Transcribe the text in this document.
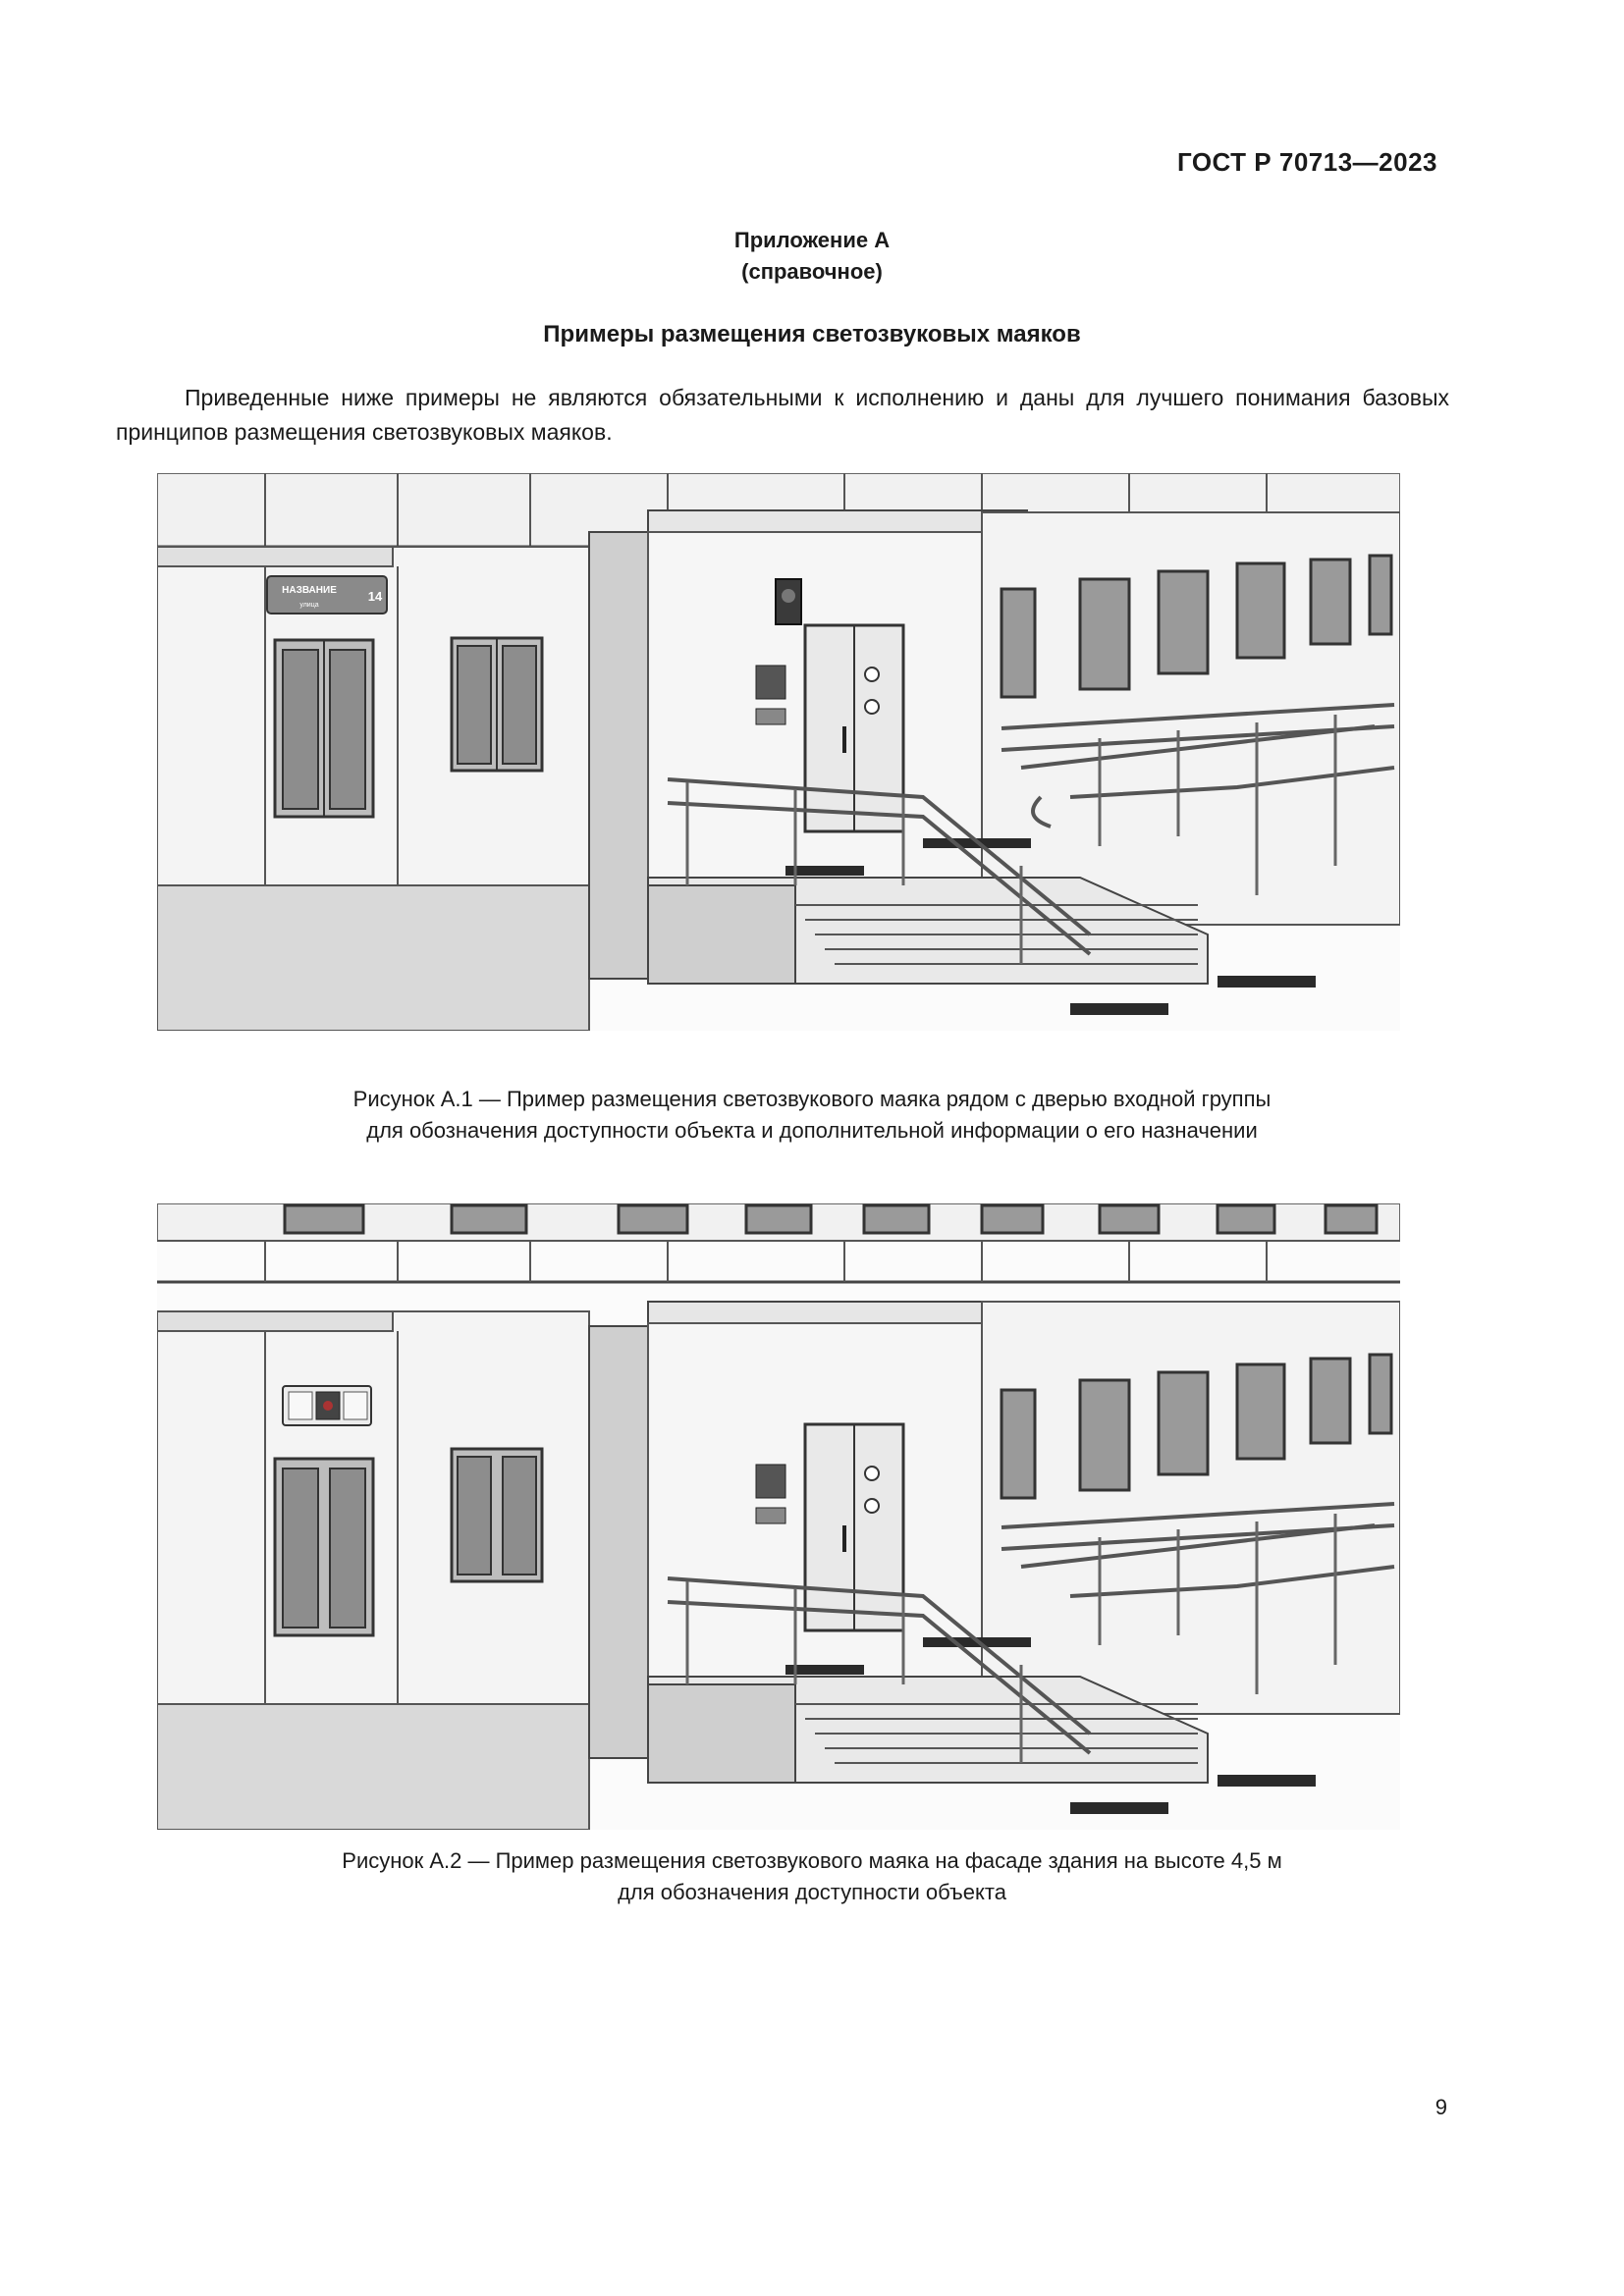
ГОСТ Р 70713—2023
Приложение А
(справочное)
Примеры размещения светозвуковых маяков
Приведенные ниже примеры не являются обязательными к исполнению и даны для лучшего понимания базовых принципов размещения светозвуковых маяков.
НАЗВАНИЕ
улица
14
Рисунок А.1 — Пример размещения светозвукового маяка рядом с дверью входной группы
для обозначения доступности объекта и дополнительной информации о его назначении
Рисунок А.2 — Пример размещения светозвукового маяка на фасаде здания на высоте 4,5 м
для обозначения доступности объекта
9
